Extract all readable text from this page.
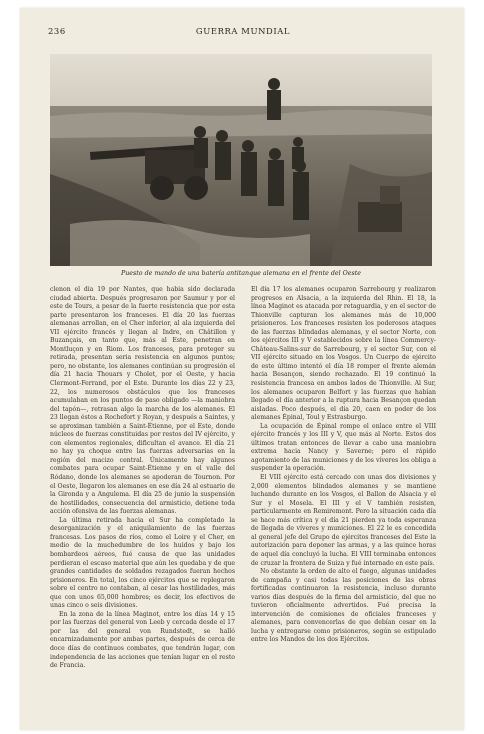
236	GUERRA MUNDIAL
Puesto de mando de una batería antitanque alemana en el frente del Oeste

clenon el día 19 por Nantes, que había sido declarada ciudad abierta. Después progresaron por Saumur y por el este de Tours, a pesar de la fuerte resistencia que por esta parte presentaron los franceses. El día 20 las fuerzas alemanas arrollan, en el Cher inferior, al ala izquierda del VII ejército francés y llegan al Indre, en Châtillon y Buzançais, en tanto que, más al Este, penetran en Montluçon y en Riom. Los franceses, para proteger su retirada, presentan seria resistencia en algunos puntos; pero, no obstante, los alemanes continúan su progresión el día 21 hacia Thouars y Cholet, por el Oeste, y hacia Clermont-Ferrand, por el Este. Durante los días 22 y 23, 22, los numerosos obstáculos que los franceses acumulaban en los puntos de paso obligado —la maniobra del tapón—, retrasan algo la marcha de los alemanes. El 23 llegan éstos a Rochefort y Royan, y después a Saintes, y se aproximan también a Saint-Étienne, por el Este, donde núcleos de fuerzas constituidas por restos del IV ejército, y con elementos regionales, dificultan el avance. El día 21 no hay ya choque entre las fuerzas adversarias en la región del macizo central. Únicamente hay algunos combates para ocupar Saint-Étienne y en el valle del Ródano, donde los alemanes se apoderan de Tournon. Por el Oeste, llegaron los alemanes en ese día 24 al estuario de la Gironda y a Angulema. El día 25 de junio la suspensión de hostilidades, consecuencia del armisticio, detiene toda acción ofensiva de las fuerzas alemanas.

La última retirada hacia el Sur ha completado la desorganización y el aniquilamiento de las fuerzas francesas. Los pasos de ríos, como el Loire y el Cher, en medio de la muchedumbre de los huidos y bajo los bombardeos aéreos, fué causa de que las unidades perdieran el escaso material que aún les quedaba y de que grandes cantidades de soldados rezagados fueran hechos prisioneros. En total, los cinco ejércitos que se replegaron sobre el centro no contaban, al cesar las hostilidades, más que con unos 65,000 hombres; es decir, los efectivos de unas cinco o seis divisiones.

En la zona de la línea Maginot, entre los días 14 y 15 por las fuerzas del general von Leeb y cercada desde el 17 por las del general von Rundstedt, se halló encarnizadamente por ambas partes, después de cerca de doce días de continuos combates, que tendrán lugar, con independencia de las acciones que tenían lugar en el resto de Francia.

El día 17 los alemanes ocuparon Sarrebourg y realizaron progresos en Alsacia, a la izquierda del Rhin. El 18, la línea Maginot es atacada por retaguardia, y en el sector de Thionville capturan los alemanes más de 10,000 prisioneros. Los franceses resisten los poderosos ataques de las fuerzas blindadas alemanas, y el sector Norte, con los ejércitos III y V establecidos sobre la línea Commercy-Château-Salins-sur de Sarrebourg, y el sector Sur, con el VII ejército situado en los Vosgos. Un Cuerpo de ejército de este último intentó el día 18 romper el frente alemán hacia Besançon, siendo rechazado. El 19 continuó la resistencia francesa en ambos lados de Thionville. Al Sur, los alemanes ocuparon Belfort y las fuerzas que habían llegado el día anterior a la ruptura hacia Besançon quedan aisladas. Poco después, el día 20, caen en poder de los alemanes Épinal, Toul y Estrasburgo.

La ocupación de Épinal rompe el enlace entre el VIII ejército francés y los III y V, que más al Norte. Estos dos últimos tratan entonces de llevar a cabo una maniobra extrema hacia Nancy y Saverne; pero el rápido agotamiento de las municiones y de los víveres los obliga a suspender la operación.

El VIII ejército está cercado con unas dos divisiones y 2,000 elementos blindados alemanes y se mantiene luchando durante en los Vosgos, el Ballon de Alsacia y el Sur y el Mosela. El III y el V también resisten, particularmente en Remiremont. Pero la situación cada día se hace más crítica y el día 21 pierden ya toda esperanza de llegada de víveres y municiones. El 22 le es concedida al general jefe del Grupo de ejércitos franceses del Este la autorización para deponer las armas, y a las quince horas de aquel día concluyó la lucha. El VIII terminaba entonces de cruzar la frontera de Suiza y fué internado en este país.

No obstante la orden de alto el fuego, algunas unidades de campaña y casi todas las posiciones de las obras fortificadas continuaron la resistencia, incluso durante varios días después de la firma del armisticio, del que no tuvieron oficialmente advertidos. Fué precisa la intervención de comisiones de oficiales franceses y alemanes, para convencerlas de que debían cesar en la lucha y entregarse como prisioneros, según se estipulado entre los Mandos de los dos Ejércitos.
